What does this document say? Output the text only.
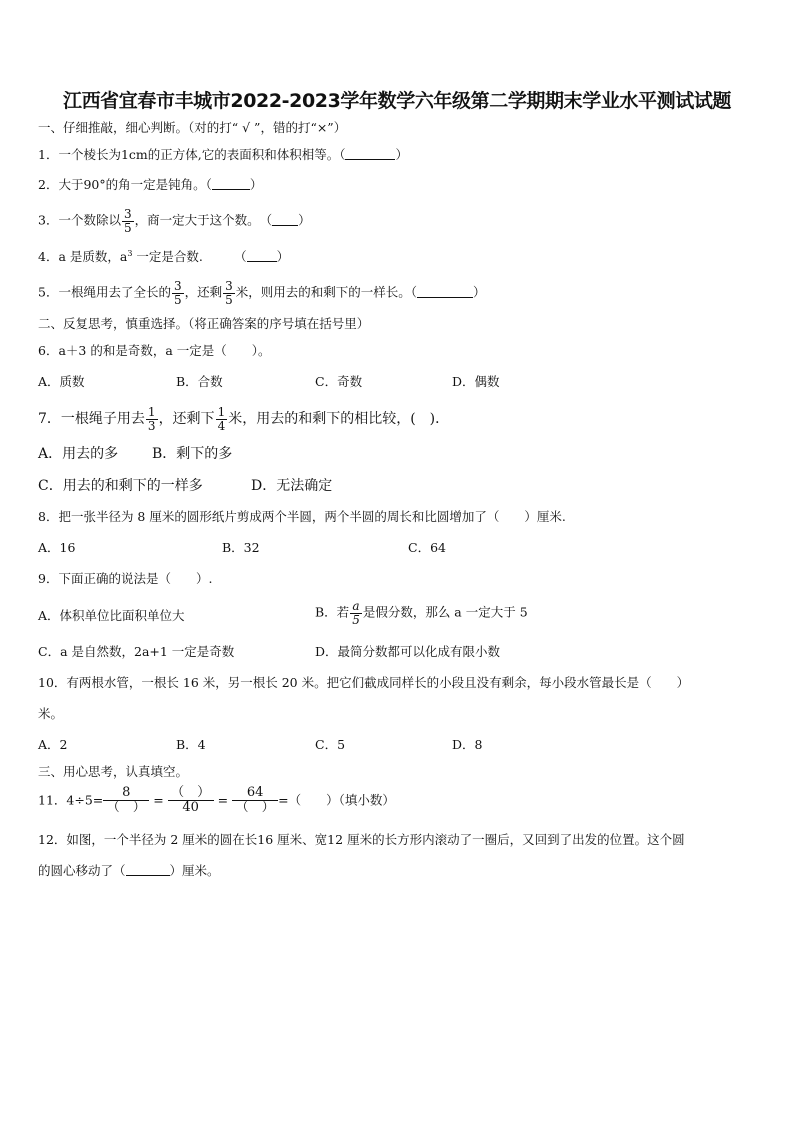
江西省宜春市丰城市2022-2023学年数学六年级第二学期期末学业水平测试试题
一、仔细推敲，细心判断。（对的打“ √ ”，错的打“×”）
1．一个棱长为1cm的正方体,它的表面积和体积相等。（	）
2．大于90°的角一定是钝角。（	）
3．一个数除以 $\frac{3}{5}$ ，商一定大于这个数。　（ ）
4．a 是质数，$a^3$ 一定是合数.　　　（ ）
5．一根绳用去了全长的 $\frac{3}{5}$ ，还剩 $\frac{3}{5}$ 米，则用去的和剩下的一样长。（	）
二、反复思考，慎重选择。（将正确答案的序号填在括号里）
6．a＋3 的和是奇数，a 一定是（　　）。
A．质数	B．合数	C．奇数	D．偶数
7．一根绳子用去 $\frac{1}{3}$ ，还剩下 $\frac{1}{4}$ 米，用去的和剩下的相比较，(　)．
A．用去的多 B．剩下的多
C．用去的和剩下的一样多	D．无法确定
8．把一张半径为 8 厘米的圆形纸片剪成两个半圆，两个半圆的周长和比圆增加了（　　）厘米.
A．16	B．32	C．64
9．下面正确的说法是（　　）.
A．体积单位比面积单位大	B．若 $\frac{a}{5}$ 是假分数，那么 a 一定大于 5
C．a 是自然数，2a+1 一定是奇数	D．最简分数都可以化成有限小数
10．有两根水管，一根长 16 米，另一根长 20 米。把它们截成同样长的小段且没有剩余，每小段水管最长是（　　）
米。
A．2	B．4	C．5	D．8
三、用心思考，认真填空。
11．$4\div 5= \frac{8}{( )} = \frac{( )}{40} = \frac{64}{( )}$ =（　　）（填小数）
12．如图，一个半径为 2 厘米的圆在长16 厘米、宽12 厘米的长方形内滚动了一圈后，又回到了出发的位置。这个圆
的圆心移动了（	）厘米。
